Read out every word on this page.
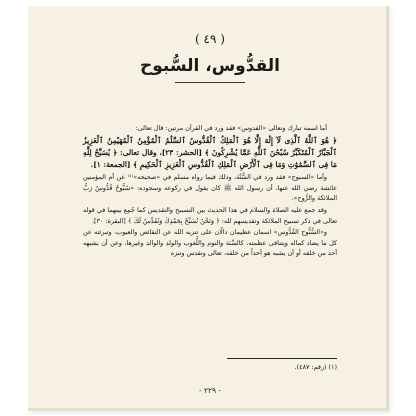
( ٤٩ )
القدُّوس، السُّبوح

أما اسمه تبارك وتعالى «القدوس» فقد ورد في القرآن مرتين: قال تعالى:

﴿ هُوَ ٱللَّهُ ٱلَّذِى لَآ إِلَٰهَ إِلَّا هُوَ ٱلْمَلِكُ ٱلْقُدُّوسُ ٱلسَّلَٰمُ ٱلْمُؤْمِنُ ٱلْمُهَيْمِنُ ٱلْعَزِيزُ ٱلْجَبَّارُ ٱلْمُتَكَبِّرُ سُبْحَٰنَ ٱللَّهِ عَمَّا يُشْرِكُونَ ﴾ [الحشر: ٢٣]، وقال تعالى: ﴿ يُسَبِّحُ لِلَّهِ مَا فِى ٱلسَّمَٰوَٰتِ وَمَا فِى ٱلْأَرْضِ ٱلْمَلِكِ ٱلْقُدُّوسِ ٱلْعَزِيزِ ٱلْحَكِيمِ ﴾ [الجمعة: ١].

وأما «السبوح» فقد ورد في السُّنَّة، وذلك فيما رواه مسلم في «صحيحه»⁽¹⁾ عن أم المؤمنين عائشة رضي الله عنها، أن رسول الله ﷺ كان يقول في ركوعه وسجوده: «سُبُّوحٌ قُدُّوسٌ رَبُّ الملائكة والرُّوح».

وقد جمع عليه الصلاة والسلام في هذا الحديث بين التسبيح والتقديس كما جُمِع بينهما في قوله تعالى في ذكر تسبيح الملائكة وتقديسهم لله: ﴿ وَنَحْنُ نُسَبِّحُ بِحَمْدِكَ وَنُقَدِّسُ لَكَ ﴾ [البقرة: ٣٠].

و«السُّبُّوح القُدُّوس» اسمان عظيمان دالّان على تنزيه الله عن النقائص والعيوب، وتبرئته عن كل ما يضاد كماله ويتنافى عظمته، كالسِّنَة والنوم واللُّغوب والولد والوالد وغيرها، وعن أن يشبهه أحد من خلقه أو أن يشبه هو أحداً من خلقه، تعالى وتقدس وتنزه

(١) (رقم: ٤٨٧).
- ٢٢٩ -
